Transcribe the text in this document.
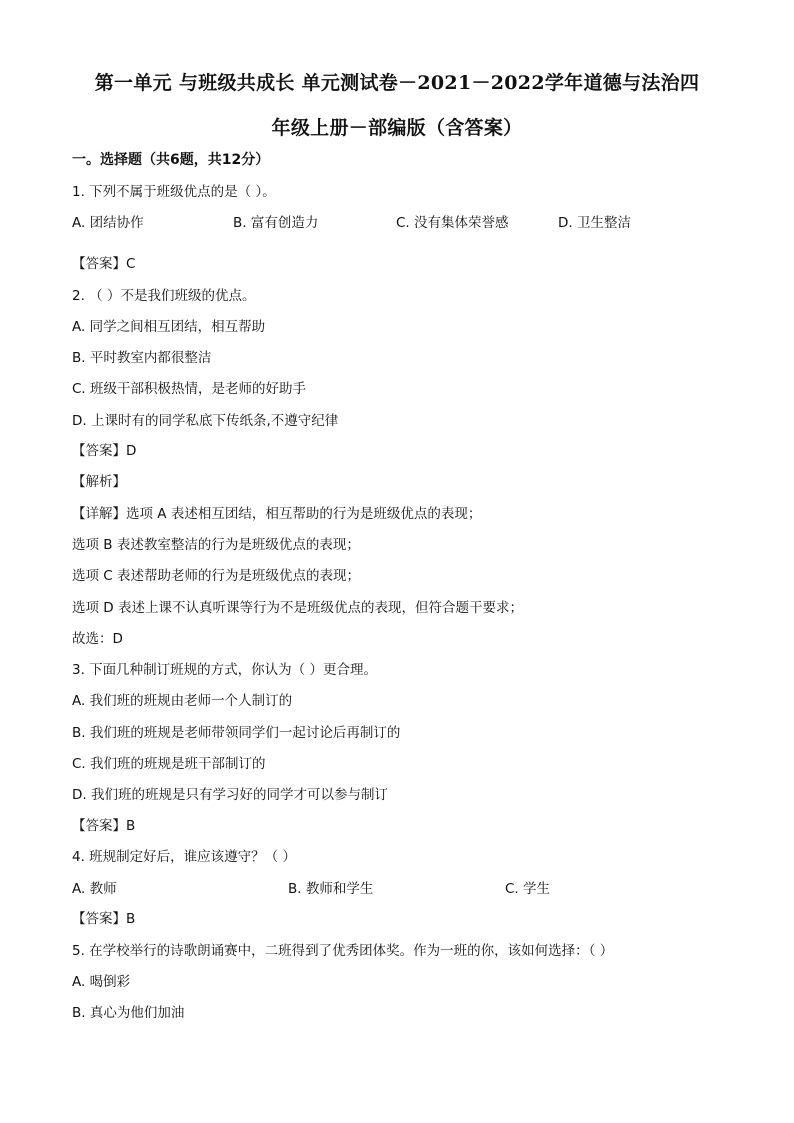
第一单元 与班级共成长 单元测试卷－2021－2022学年道德与法治四
年级上册－部编版（含答案）
一。选择题（共6题，共12分）
1. 下列不属于班级优点的是（ ）。
A. 团结协作	B. 富有创造力	C. 没有集体荣誉感	D. 卫生整洁
【答案】C
2. （ ）不是我们班级的优点。
A. 同学之间相互团结，相互帮助
B. 平时教室内都很整洁
C. 班级干部积极热情，是老师的好助手
D. 上课时有的同学私底下传纸条,不遵守纪律
【答案】D
【解析】
【详解】选项 A 表述相互团结，相互帮助的行为是班级优点的表现；
选项 B 表述教室整洁的行为是班级优点的表现；
选项 C 表述帮助老师的行为是班级优点的表现；
选项 D 表述上课不认真听课等行为不是班级优点的表现，但符合题干要求；
故选：D
3. 下面几种制订班规的方式，你认为（ ）更合理。
A. 我们班的班规由老师一个人制订的
B. 我们班的班规是老师带领同学们一起讨论后再制订的
C. 我们班的班规是班干部制订的
D. 我们班的班规是只有学习好的同学才可以参与制订
【答案】B
4. 班规制定好后，谁应该遵守？（ ）
A. 教师	B. 教师和学生	C. 学生
【答案】B
5. 在学校举行的诗歌朗诵赛中，二班得到了优秀团体奖。作为一班的你，该如何选择：（ ）
A. 喝倒彩
B. 真心为他们加油
